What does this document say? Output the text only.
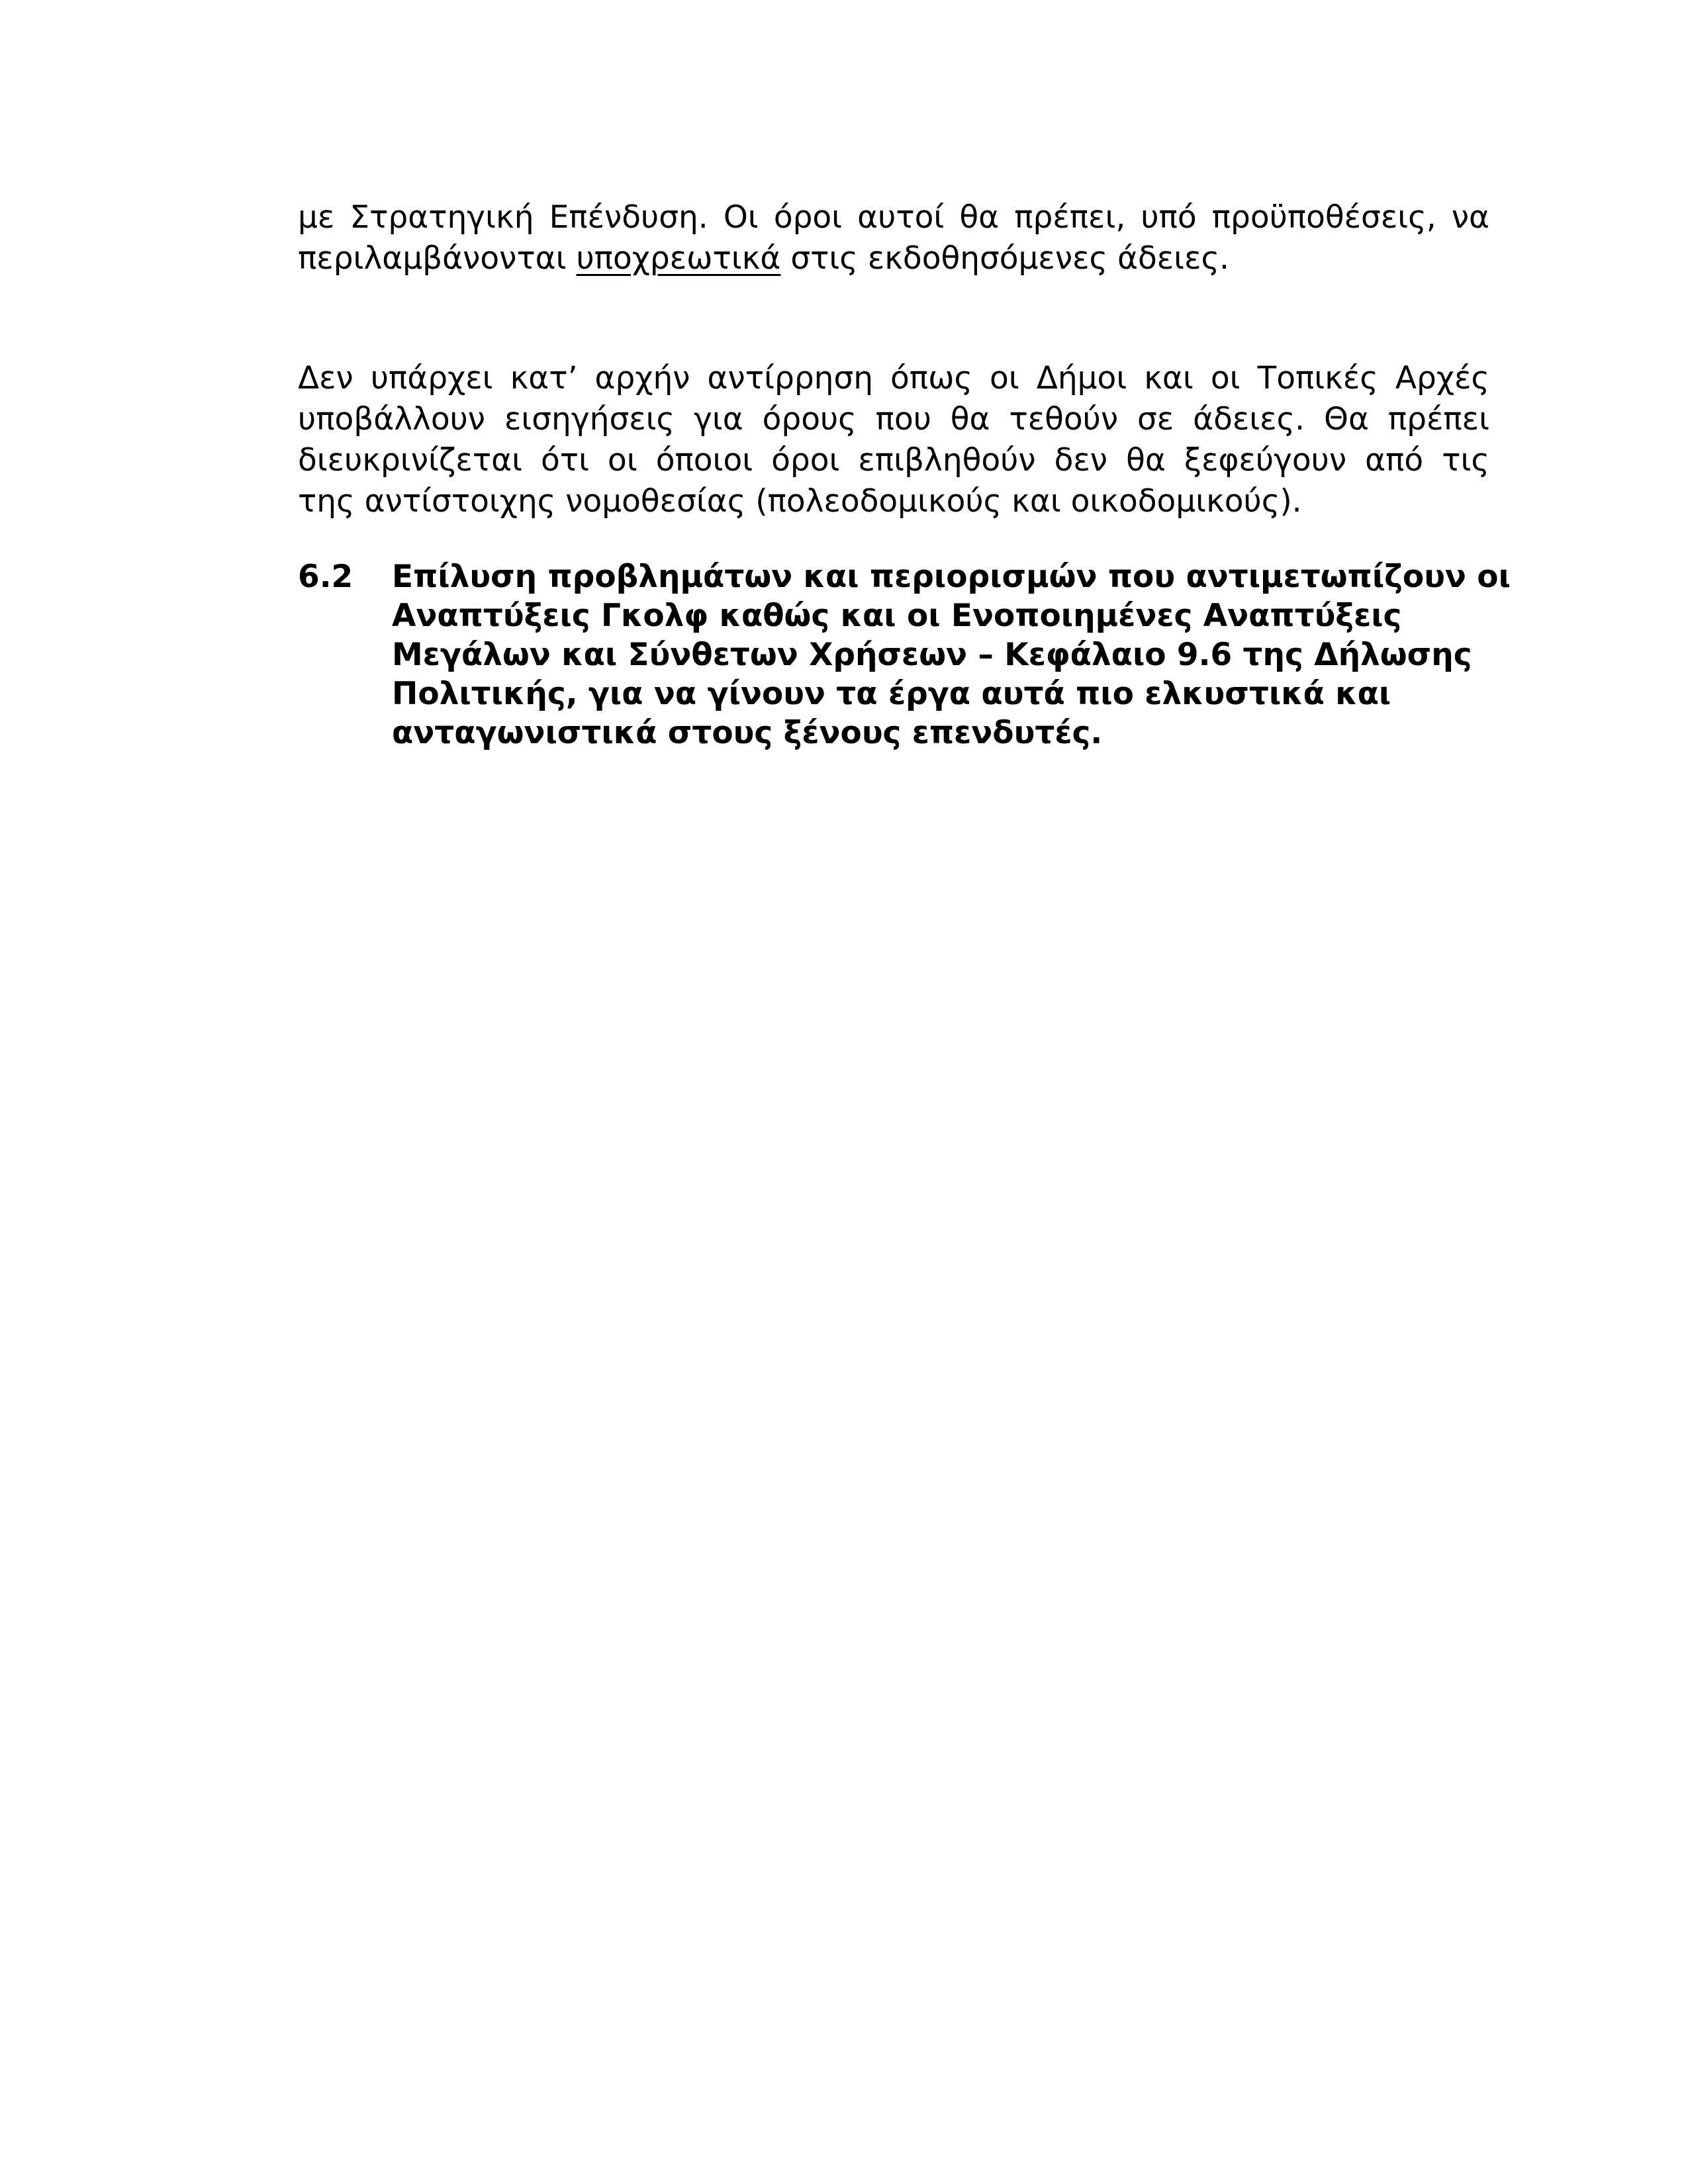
με Στρατηγική Επένδυση. Οι όροι αυτοί θα πρέπει, υπό προϋποθέσεις, να
περιλαμβάνονται υποχρεωτικά στις εκδοθησόμενες άδειες.
Δεν υπάρχει κατ’ αρχήν αντίρρηση όπως οι Δήμοι και οι Τοπικές Αρχές
υποβάλλουν εισηγήσεις για όρους που θα τεθούν σε άδειες. Θα πρέπει
διευκρινίζεται ότι οι όποιοι όροι επιβληθούν δεν θα ξεφεύγουν από τις
της αντίστοιχης νομοθεσίας (πολεοδομικούς και οικοδομικούς).
6.2 Επίλυση προβλημάτων και περιορισμών που αντιμετωπίζουν οι
Αναπτύξεις Γκολφ καθώς και οι Ενοποιημένες Αναπτύξεις
Μεγάλων και Σύνθετων Χρήσεων – Κεφάλαιο 9.6 της Δήλωσης
Πολιτικής, για να γίνουν τα έργα αυτά πιο ελκυστικά και
ανταγωνιστικά στους ξένους επενδυτές.
